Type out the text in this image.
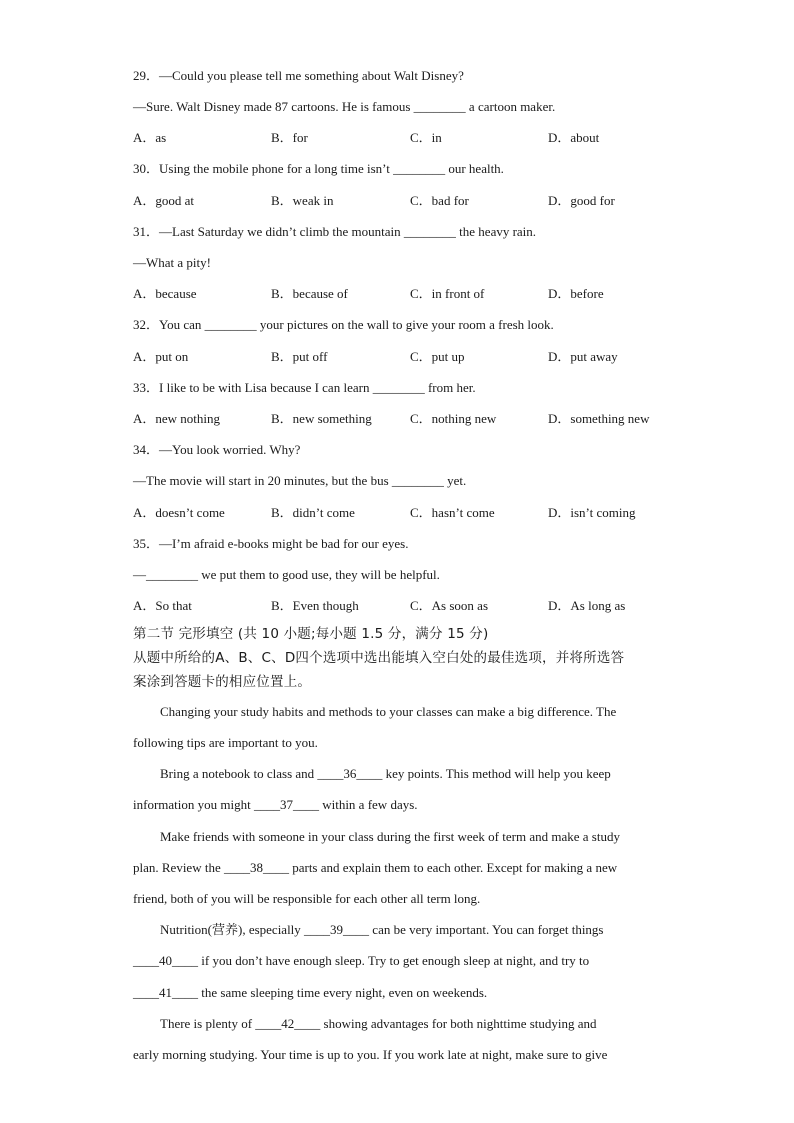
29．—Could you please tell me something about Walt Disney?
—Sure. Walt Disney made 87 cartoons. He is famous ________ a cartoon maker.
A．as	B．for	C．in	D．about
30．Using the mobile phone for a long time isn’t ________ our health.
A．good at	B．weak in	C．bad for	D．good for
31．—Last Saturday we didn’t climb the mountain ________ the heavy rain.
—What a pity!
A．because	B．because of	C．in front of	D．before
32．You can ________ your pictures on the wall to give your room a fresh look.
A．put on	B．put off	C．put up	D．put away
33．I like to be with Lisa because I can learn ________ from her.
A．new nothing	B．new something	C．nothing new	D．something new
34．—You look worried. Why?
—The movie will start in 20 minutes, but the bus ________ yet.
A．doesn’t come	B．didn’t come	C．hasn’t come	D．isn’t coming
35．—I’m afraid e-books might be bad for our eyes.
—________ we put them to good use, they will be helpful.
A．So that	B．Even though	C．As soon as	D．As long as
第二节 完形填空 (共 10 小题;每小题 1.5 分，满分 15 分)
从题中所给的A、B、C、D四个选项中选出能填入空白处的最佳选项，并将所选答
案涂到答题卡的相应位置上。
Changing your study habits and methods to your classes can make a big difference. The
following tips are important to you.
Bring a notebook to class and ____36____ key points. This method will help you keep
information you might ____37____ within a few days.
Make friends with someone in your class during the first week of term and make a study
plan. Review the ____38____ parts and explain them to each other. Except for making a new
friend, both of you will be responsible for each other all term long.
Nutrition(营养), especially ____39____ can be very important. You can forget things
____40____ if you don’t have enough sleep. Try to get enough sleep at night, and try to
____41____ the same sleeping time every night, even on weekends.
There is plenty of ____42____ showing advantages for both nighttime studying and
early morning studying. Your time is up to you. If you work late at night, make sure to give
